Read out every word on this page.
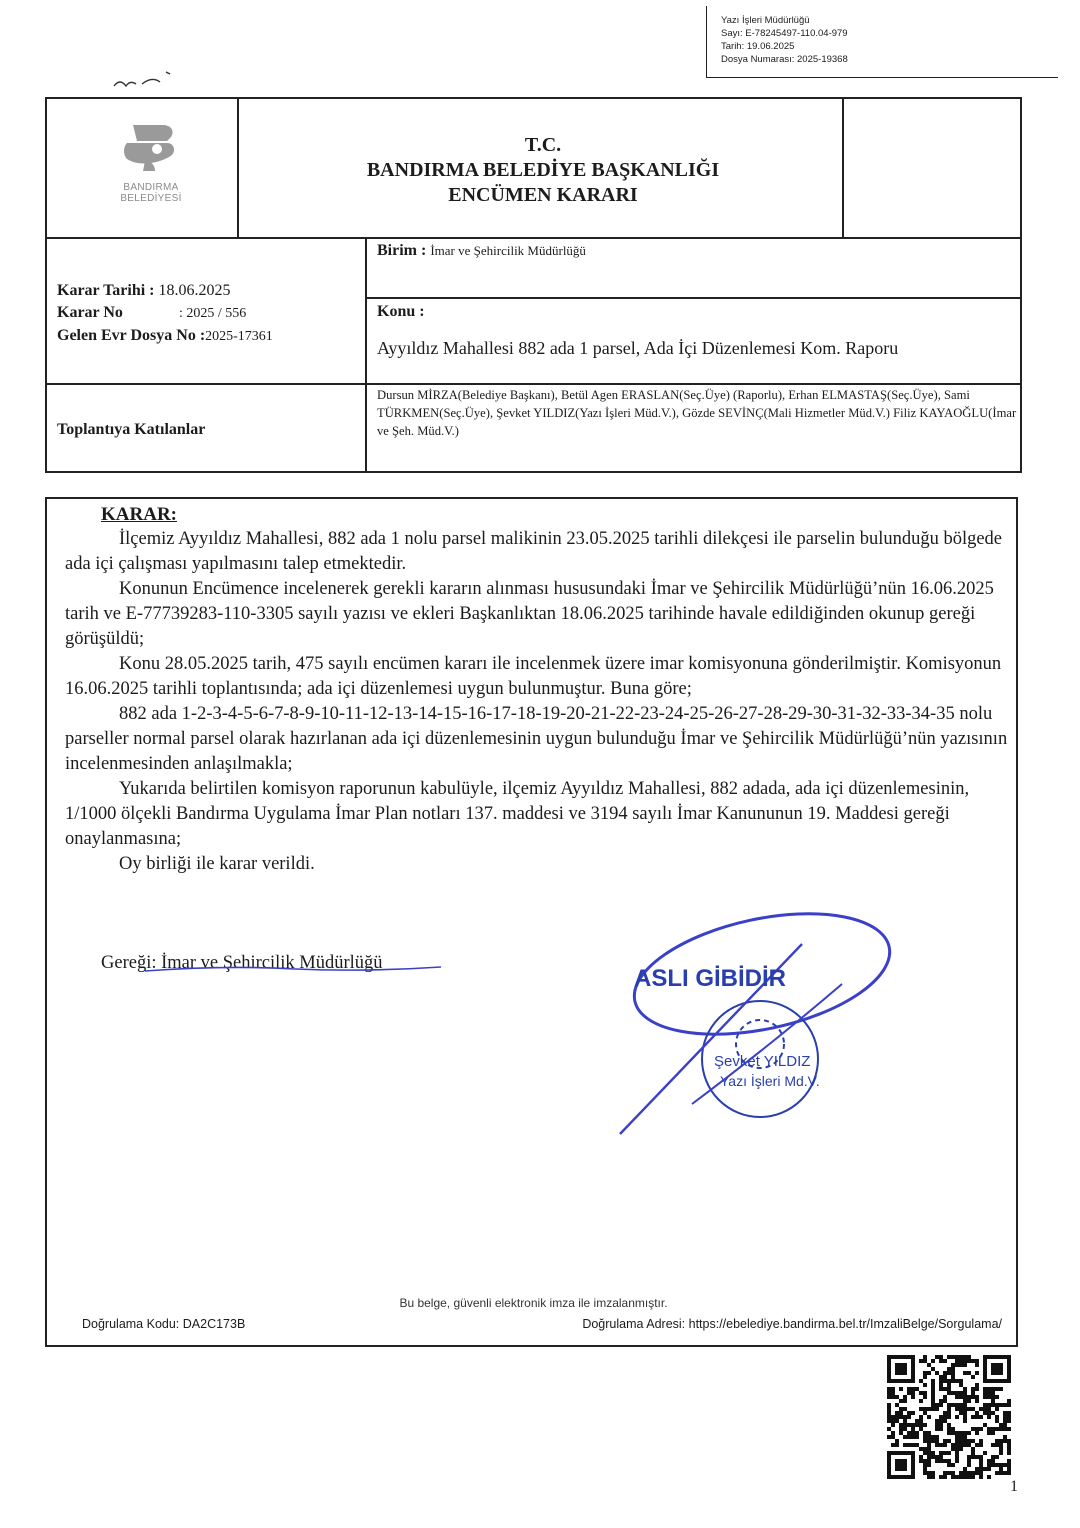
Yazı İşleri Müdürlüğü
Sayı: E-78245497-110.04-979
Tarih: 19.06.2025
Dosya Numarası: 2025-19368
BANDIRMA
BELEDİYESİ
T.C.
BANDIRMA BELEDİYE BAŞKANLIĞI
ENCÜMEN KARARI
Birim : İmar ve Şehircilik Müdürlüğü
Karar Tarihi : 18.06.2025
Karar No	: 2025 / 556
Gelen Evr Dosya No :2025-17361
Konu :
Ayyıldız Mahallesi 882 ada 1 parsel, Ada İçi Düzenlemesi Kom. Raporu
Toplantıya Katılanlar
Dursun MİRZA(Belediye Başkanı), Betül Agen ERASLAN(Seç.Üye) (Raporlu), Erhan ELMASTAŞ(Seç.Üye), Sami TÜRKMEN(Seç.Üye), Şevket YILDIZ(Yazı İşleri Müd.V.), Gözde SEVİNÇ(Mali Hizmetler Müd.V.) Filiz KAYAOĞLU(İmar ve Şeh. Müd.V.)
KARAR:

İlçemiz Ayyıldız Mahallesi, 882 ada 1 nolu parsel malikinin 23.05.2025 tarihli dilekçesi ile parselin bulunduğu bölgede ada içi çalışması yapılmasını talep etmektedir.

Konunun Encümence incelenerek gerekli kararın alınması hususundaki İmar ve Şehircilik Müdürlüğü’nün 16.06.2025 tarih ve E-77739283-110-3305 sayılı yazısı ve ekleri Başkanlıktan 18.06.2025 tarihinde havale edildiğinden okunup gereği görüşüldü;

Konu 28.05.2025 tarih, 475 sayılı encümen kararı ile incelenmek üzere imar komisyonuna gönderilmiştir. Komisyonun 16.06.2025 tarihli toplantısında; ada içi düzenlemesi uygun bulunmuştur. Buna göre;

882 ada 1-2-3-4-5-6-7-8-9-10-11-12-13-14-15-16-17-18-19-20-21-22-23-24-25-26-27-28-29-30-31-32-33-34-35 nolu parseller normal parsel olarak hazırlanan ada içi düzenlemesinin uygun bulunduğu İmar ve Şehircilik Müdürlüğü’nün yazısının incelenmesinden anlaşılmakla;

Yukarıda belirtilen komisyon raporunun kabulüyle, ilçemiz Ayyıldız Mahallesi, 882 adada, ada içi düzenlemesinin, 1/1000 ölçekli Bandırma Uygulama İmar Plan notları 137. maddesi ve 3194 sayılı İmar Kanununun 19. Maddesi gereği onaylanmasına;

Oy birliği ile karar verildi.

Gereği: İmar ve Şehircilik Müdürlüğü
ASLI GİBİDİR
Şevket YILDIZ
Yazı İşleri Md.V.
Bu belge, güvenli elektronik imza ile imzalanmıştır.
Doğrulama Kodu: DA2C173B	Doğrulama Adresi: https://ebelediye.bandirma.bel.tr/ImzaliBelge/Sorgulama/
1
